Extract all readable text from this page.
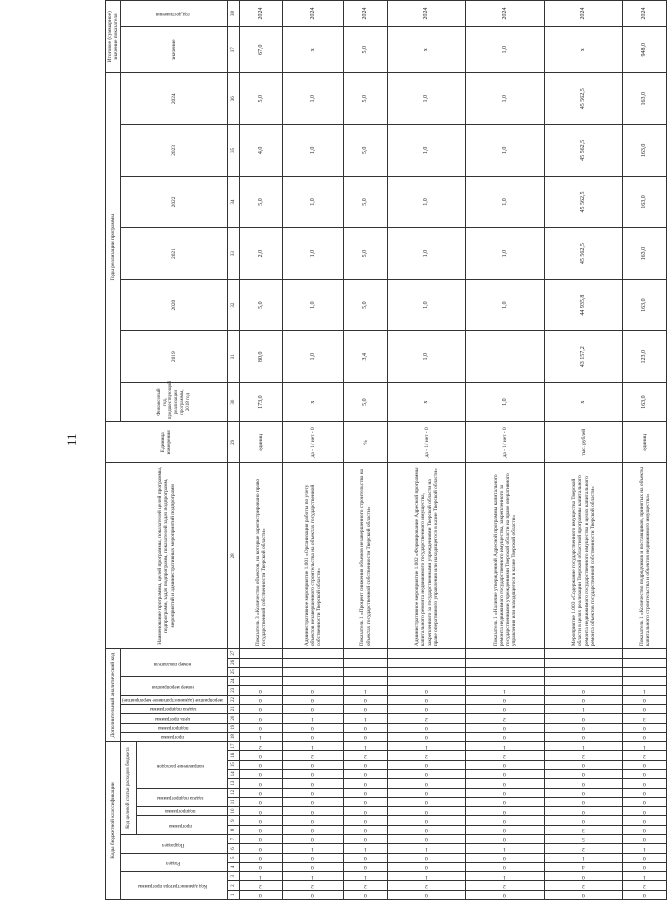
11
Коды бюджетной классификации																	Дополнительный аналитический код										Наименование программы, целей программы, показателей целей программы, подпрограмм, задач подпрограмм, показателей задач подпрограмм, мероприятий и административных мероприятий подпрограмм	Единица измерения	Годы реализации программы							Итоговое (суммарное) значение показателя	
Код администратора программы			Раздел		Подраздел		Код целевой статьи расходов бюджета										программа	подпрограмма	цель программы	задача подпрограммы	мероприятие (административное мероприятие)	номер мероприятия		номер показателя					Финансовый год, предшествующий реализации программы, 2018 год	2019	2020	2021	2022	2023	2024	значение	год достижения
							программа		подпрограмма	задача подпрограммы		направление расходов																									
1	2	3	4	5	6	7	8	9	10	11	12	13	14	15	16	17	18	19	20	21	22	23	24	25	26	27	28	29	30	31	32	33	34	35	36	37	38
0	2	1	0	0	0	0	0	0	0	0	0	0	0	0	0	2	1	0	0	0	0	0					Показатель 3 «Количество объектов, на которые зарегистрировано право государственной собственности Тверской области»	единиц	173,0	80,0	5,0	2,0	5,0	4,0	5,0	67,0	2024
0	2	1	0	0	1	0	0	0	0	0	0	0	0	0	2	1	0	0	1	0	0	0					Административное мероприятие 1.001 «Организация работы по учету объектов незавершенного строительства на объектах государственной собственности Тверской области»	да - 1/ нет - 0	х	1,0	1,0	1,0	1,0	1,0	1,0	х	2024
0	2	1	0	0	1	0	0	0	0	0	0	0	0	0	2	1	0	0	1	0	0	1					Показатель 1 «Процент снижения объемов незавершенного строительства на объектах государственной собственности Тверской области»	%	5,0	3,4	5,0	5,0	5,0	5,0	5,0	5,0	2024
0	2	1	0	0	1	0	0	0	0	0	0	0	0	0	2	1	0	0	2	0	0	0					Административное мероприятие 1.002 «Формирование Адресной программы капитального ремонта недвижимого государственного имущества, закрепленного за государственными учреждениями Тверской области на праве оперативного управления или находящегося в казне Тверской области»	да - 1/ нет - 0	х	1,0	1,0	1,0	1,0	1,0	1,0	х	2024
0	2	1	0	0	1	0	0	0	0	0	0	0	0	0	2	1	0	0	2	0	0	1					Показатель 1 «Наличие утвержденной Адресной программы капитального ремонта недвижимого государственного имущества, закрепленного за государственными учреждениями Тверской области на праве оперативного управления или находящегося в казне Тверской области»	да - 1/ нет - 0	1,0		1,0	1,0	1,0	1,0	1,0	1,0	2024
0	2	0	4	1	2	5	3	0	0	0	0	0	0	0	2	1	0	0	0	1	0	0					Мероприятие 1.003 «Содержание государственного имущества Тверской области в целях реализации Тверской областной программы капитального ремонта недвижимого государственного имущества в целях капитального ремонта объектов государственной собственности Тверской области»	тыс. рублей	х	43 157,2	44 935,8	45 562,5	45 562,5	45 562,5	45 562,5	х	2024
0	2	1	0	0	1	0	0	0	0	0	0	0	0	0	2	1	0	0	3	0	0	1					Показатель 1 «Количество подрядчиков и поставщиков, принятых на объекты капитального строительства и объектов недвижимого имущества»	единиц	163,0	123,0	163,0	163,0	163,0	163,0	163,0	948,0	2024
